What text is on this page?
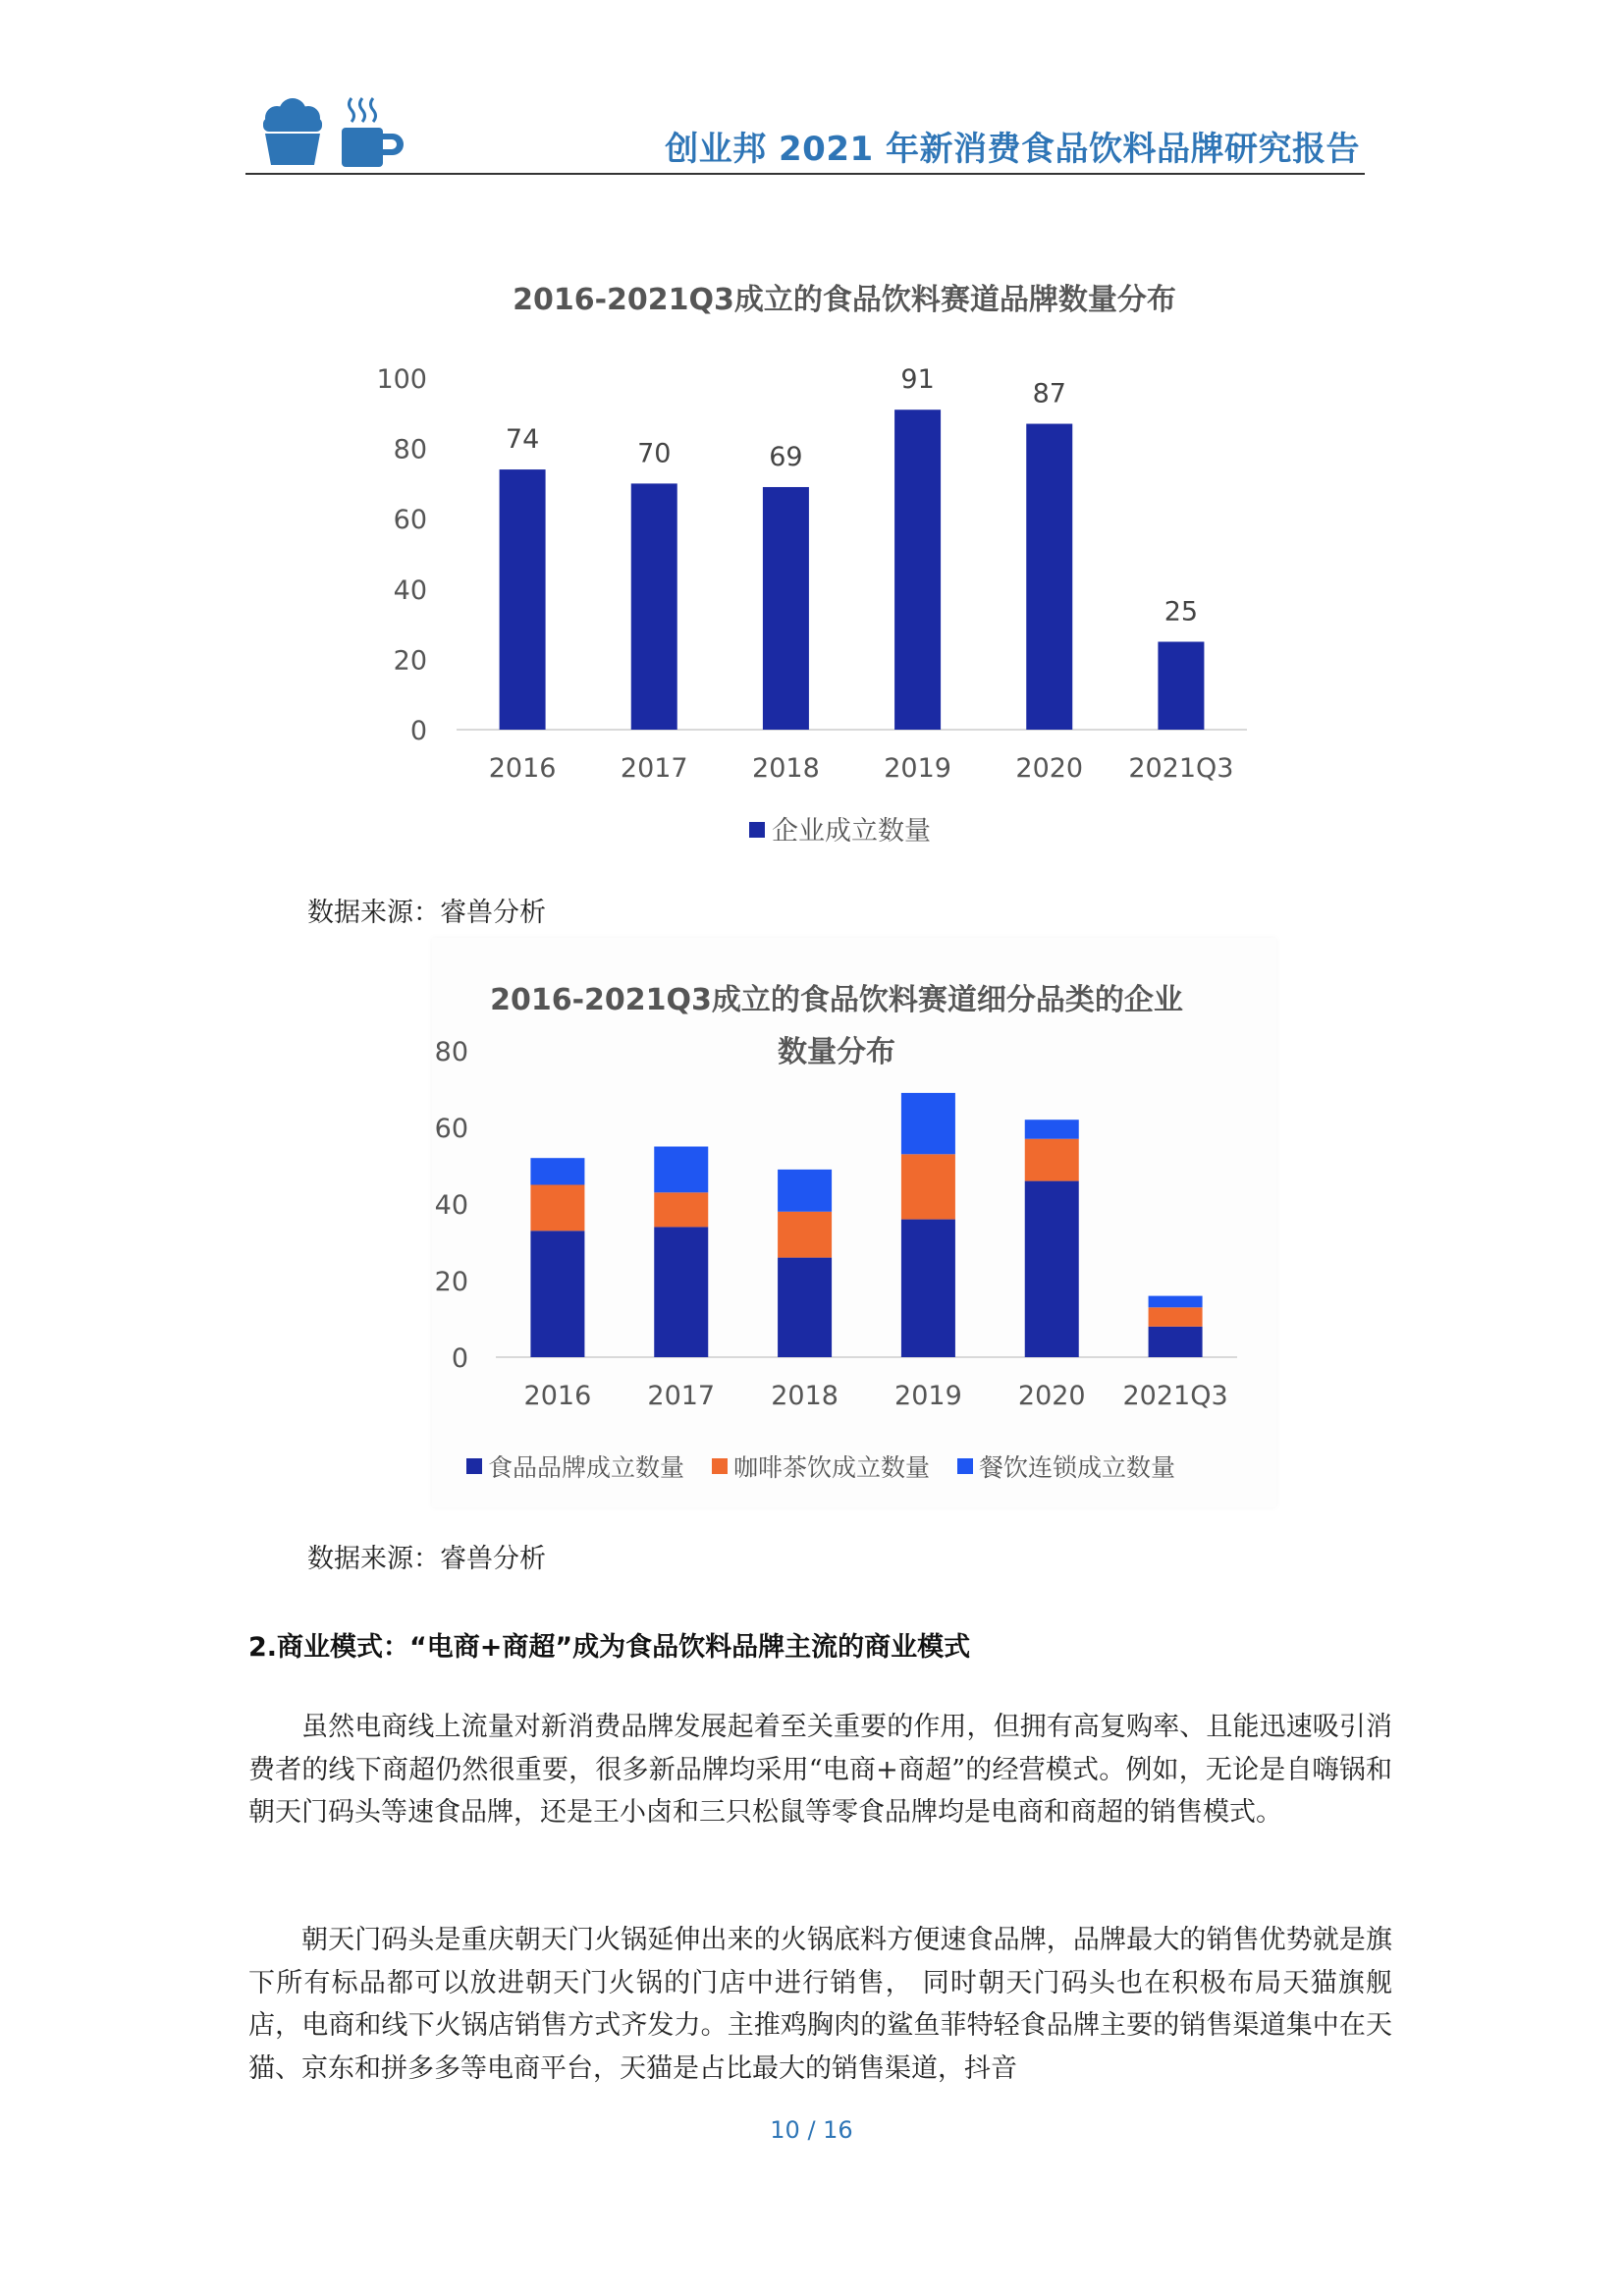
创业邦 2021 年新消费食品饮料品牌研究报告
2016-2021Q3成立的食品饮料赛道品牌数量分布
0
20
40
60
80
100
74
2016
70
2017
69
2018
91
2019
87
2020
25
2021Q3
企业成立数量
数据来源：睿兽分析
2016-2021Q3成立的食品饮料赛道细分品类的企业
数量分布
0
20
40
60
80
2016 2017 2018 2019 2020 2021Q3
食品品牌成立数量 咖啡茶饮成立数量 餐饮连锁成立数量
数据来源：睿兽分析
2.商业模式：“电商+商超”成为食品饮料品牌主流的商业模式

虽然电商线上流量对新消费品牌发展起着至关重要的作用，但拥有高复购率、且能迅速吸引消费者的线下商超仍然很重要，很多新品牌均采用“电商+商超”的经营模式。例如，无论是自嗨锅和朝天门码头等速食品牌，还是王小卤和三只松鼠等零食品牌均是电商和商超的销售模式。

朝天门码头是重庆朝天门火锅延伸出来的火锅底料方便速食品牌，品牌最大的销售优势就是旗下所有标品都可以放进朝天门火锅的门店中进行销售， 同时朝天门码头也在积极布局天猫旗舰店，电商和线下火锅店销售方式齐发力。主推鸡胸肉的鲨鱼菲特轻食品牌主要的销售渠道集中在天猫、京东和拼多多等电商平台，天猫是占比最大的销售渠道，抖音

10 / 16
